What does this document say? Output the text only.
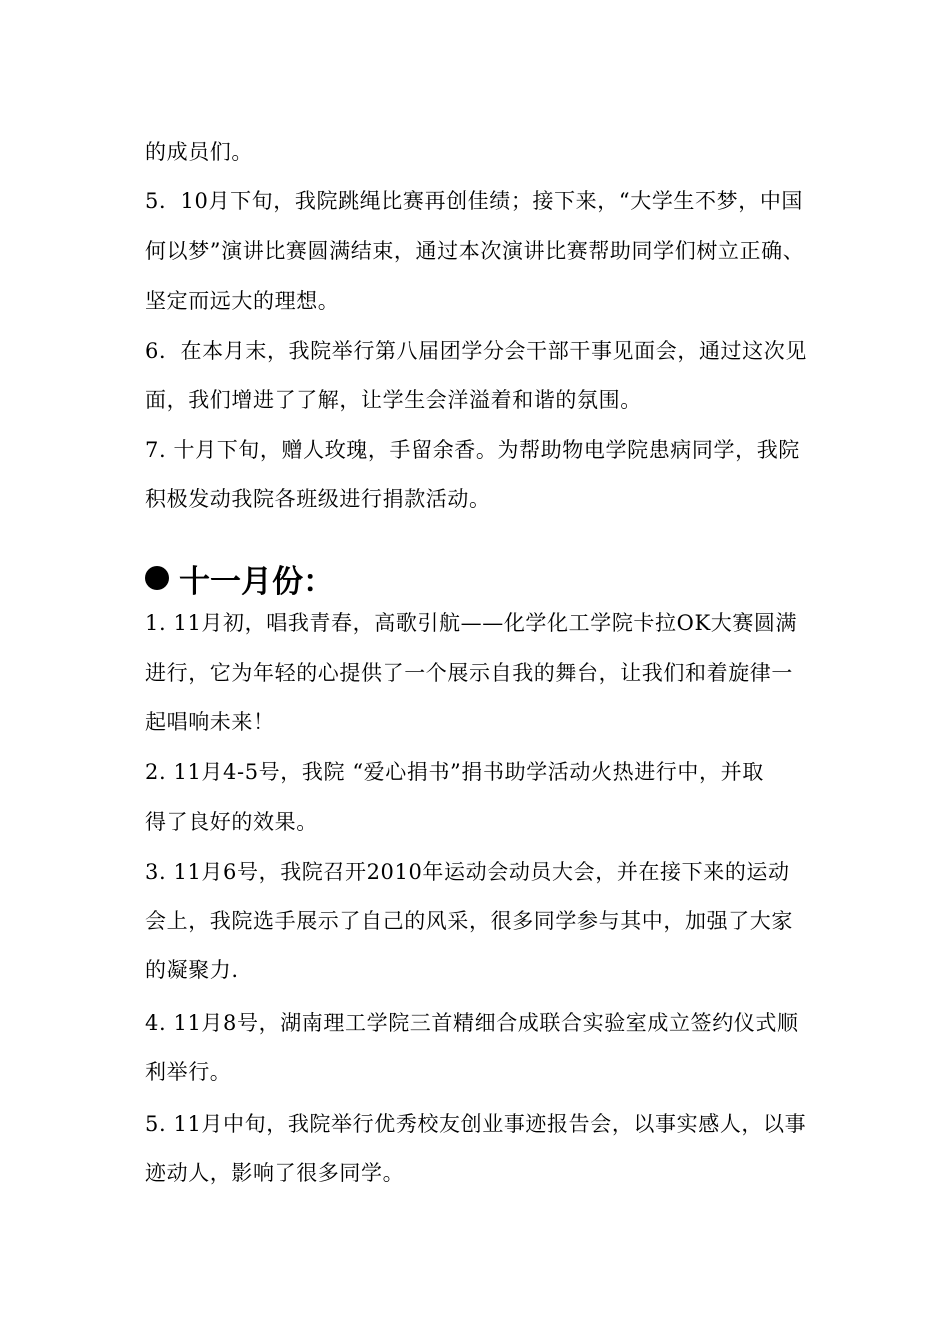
的成员们。
5．10月下旬，我院跳绳比赛再创佳绩；接下来，“大学生不梦，中国
何以梦”演讲比赛圆满结束，通过本次演讲比赛帮助同学们树立正确、
坚定而远大的理想。
6．在本月末，我院举行第八届团学分会干部干事见面会，通过这次见
面，我们增进了了解，让学生会洋溢着和谐的氛围。
7. 十月下旬，赠人玫瑰，手留余香。为帮助物电学院患病同学，我院
积极发动我院各班级进行捐款活动。
十一月份：
1. 11月初，唱我青春，高歌引航——化学化工学院卡拉OK大赛圆满
进行，它为年轻的心提供了一个展示自我的舞台，让我们和着旋律一
起唱响未来！
2. 11月4-5号，我院 “爱心捐书”捐书助学活动火热进行中，并取
得了良好的效果。
3. 11月6号，我院召开2010年运动会动员大会，并在接下来的运动
会上，我院选手展示了自己的风采，很多同学参与其中，加强了大家
的凝聚力.
4. 11月8号，湖南理工学院三首精细合成联合实验室成立签约仪式顺
利举行。
5. 11月中旬，我院举行优秀校友创业事迹报告会，以事实感人，以事
迹动人，影响了很多同学。
